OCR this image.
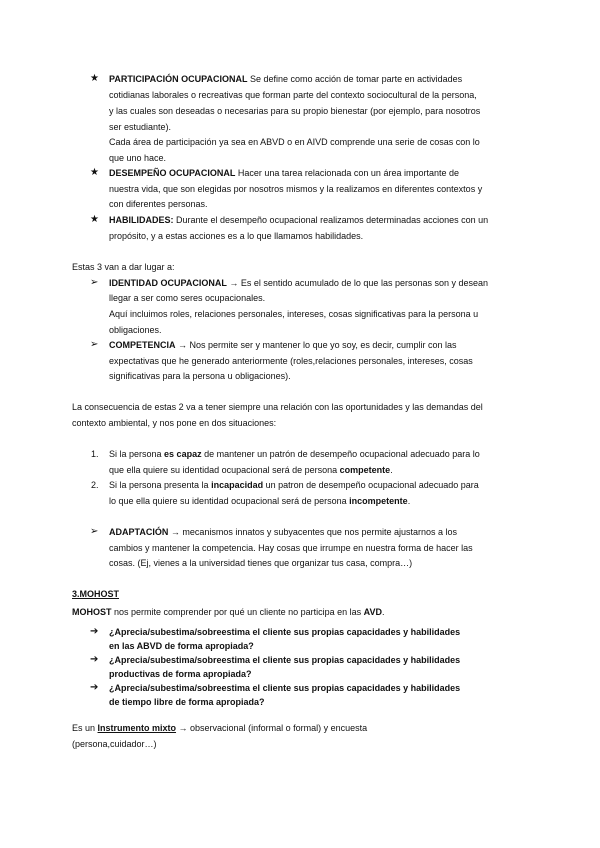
★ PARTICIPACIÓN OCUPACIONAL Se define como acción de tomar parte en actividades
cotidianas laborales o recreativas que forman parte del contexto sociocultural de la persona,
y las cuales son deseadas o necesarias para su propio bienestar (por ejemplo, para nosotros
ser estudiante).
Cada área de participación ya sea en ABVD o en AIVD comprende una serie de cosas con lo
que uno hace.
★ DESEMPEÑO OCUPACIONAL Hacer una tarea relacionada con un área importante de
nuestra vida, que son elegidas por nosotros mismos y la realizamos en diferentes contextos y
con diferentes personas.
★ HABILIDADES: Durante el desempeño ocupacional realizamos determinadas acciones con un
propósito, y a estas acciones es a lo que llamamos habilidades.
Estas 3 van a dar lugar a:
➢ IDENTIDAD OCUPACIONAL → Es el sentido acumulado de lo que las personas son y desean
llegar a ser como seres ocupacionales.
Aquí incluimos roles, relaciones personales, intereses, cosas significativas para la persona u
obligaciones.
➢ COMPETENCIA → Nos permite ser y mantener lo que yo soy, es decir, cumplir con las
expectativas que he generado anteriormente (roles,relaciones personales, intereses, cosas
significativas para la persona u obligaciones).
La consecuencia de estas 2 va a tener siempre una relación con las oportunidades y las demandas del
contexto ambiental, y nos pone en dos situaciones:
1. Si la persona es capaz de mantener un patrón de desempeño ocupacional adecuado para lo
que ella quiere su identidad ocupacional será de persona competente.
2. Si la persona presenta la incapacidad un patron de desempeño ocupacional adecuado para
lo que ella quiere su identidad ocupacional será de persona incompetente.
➢ ADAPTACIÓN → mecanismos innatos y subyacentes que nos permite ajustarnos a los
cambios y mantener la competencia. Hay cosas que irrumpe en nuestra forma de hacer las
cosas. (Ej, vienes a la universidad tienes que organizar tus casa, compra…)
3.MOHOST
MOHOST nos permite comprender por qué un cliente no participa en las AVD.
➔ ¿Aprecia/subestima/sobreestima el cliente sus propias capacidades y habilidades
en las ABVD de forma apropiada?
➔ ¿Aprecia/subestima/sobreestima el cliente sus propias capacidades y habilidades
productivas de forma apropiada?
➔ ¿Aprecia/subestima/sobreestima el cliente sus propias capacidades y habilidades
de tiempo libre de forma apropiada?
Es un Instrumento mixto → observacional (informal o formal) y encuesta
(persona,cuidador…)
